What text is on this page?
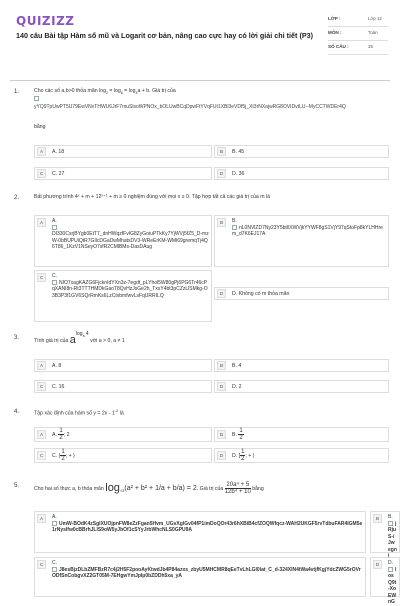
QUIZIZZ
140 câu Bài tập Hàm số mũ và Logarit cơ bản, nâng cao cực hay có lời giải chi tiết (P3)
LỚP :	Lớp 12
MÔN :	Toán
SỐ CÂU :	35
1.	Cho các số a,b>0 thỏa mãn $\log_2 = \log_6 = \log_4a + b$. Giá trị của
yYQ9TpUwPT5U79EwVNvTHWU6JrF7muSlsoWPNOx_bOLUwBCqDpwFtYVqFUt1XBl3eVDf5j_Xt3rNXajwRG8OVIDvtLU--MyCCTWDEr4Q
bằng
A	A. 18	B	B. 45
C	C. 27	D	D. 36
2.	Bất phương trình 4ˣ + m + 12ˣ⁺¹ + m ≥ 0 nghiệm đúng với mọi x ≥ 0. Tập hợp tất cả các giá trị của m là
A	A.

DI330CsrjBYgb0EtT7_dnHWqzfFvIG8ZyGoiuPTkKy7YjWVj5fZ5_D-mzW-0bBUPUiQtR7GIlcDGaDwMhatxDV3-WReErKM-WMl69gremqTj4Q6T86_1KzV1NSeyO7xfR2CMlBMs-DasDAug
B	B.
nL0NVlZD7Ny23Y5btIlXWVjkYYWF8gS1VjY97qStoFp8kYLHHrem_d7K6EJ17A
C	C.
NIO7xagKAZG6FjcknIdYXn3z-7egdt_pLYhol5W80gPj6PG6Tr46cPqXANI8n-Rt3TTTHMDkGaoT8QvHzJsGe2h_TxxY4bt3pCZzLlSMkg-O3B3P3f1GV6SQrRmKs6LzCtvbmfwvLsFqURRILQ	D	D. Không có m thỏa mãn
3.	Tính giá trị của $a^{log_a 4}$ với a > 0, a ≠ 1
A	A. 8	B	B. 4
C	C. 16	D	D. 2
4.	Tập xác định của hàm số $y = 2x - 1^{-2}$ là
A	A. $\frac{1}{2}$; 2	B	B. $\frac{1}{2}$
C	C. ( $\frac{1}{2}$; + )	D	D. [ $\frac{1}{2}$; + )
5.	Cho hai số thực a, b thỏa mãn $\log_{√3}(a^2 + b^2 + 1/a + b/a) = 2$. Giá trị của $\frac{\text{20a⁴ + 5}}{\text{12b⁴ + 10}}$ bằng
A	A.
UmW-BOdK4zSgIXUOjpnFW8eZzFgan5Hvm_UGvXglGv04fP1imDoQOr43r6hXBiB4cfZOQWfqcz-WAH2UKGF5rvTdbuFAR4IGM5e1rNysIfw0cBBrhJLlS9oW5yJbOf1cSYyJrbWhcNLS0GPU9A
B	B.
jRjuS-iJwegnj
C	C.
J8esBjzDLbZMFBzR7c4j2H5F2pooAyKtwdJb4P84azxs_zbyU5MHCMR8qEeTvLhLGI0lat_C_d-324XIN4tWa4vtjfKgjYdcZWG5rOVrODfSnCobgvXZ2GT05M-7EHgwYmJpIp0bZDDh5xa_yA
D	D.
losQ9t-XoEWnG
